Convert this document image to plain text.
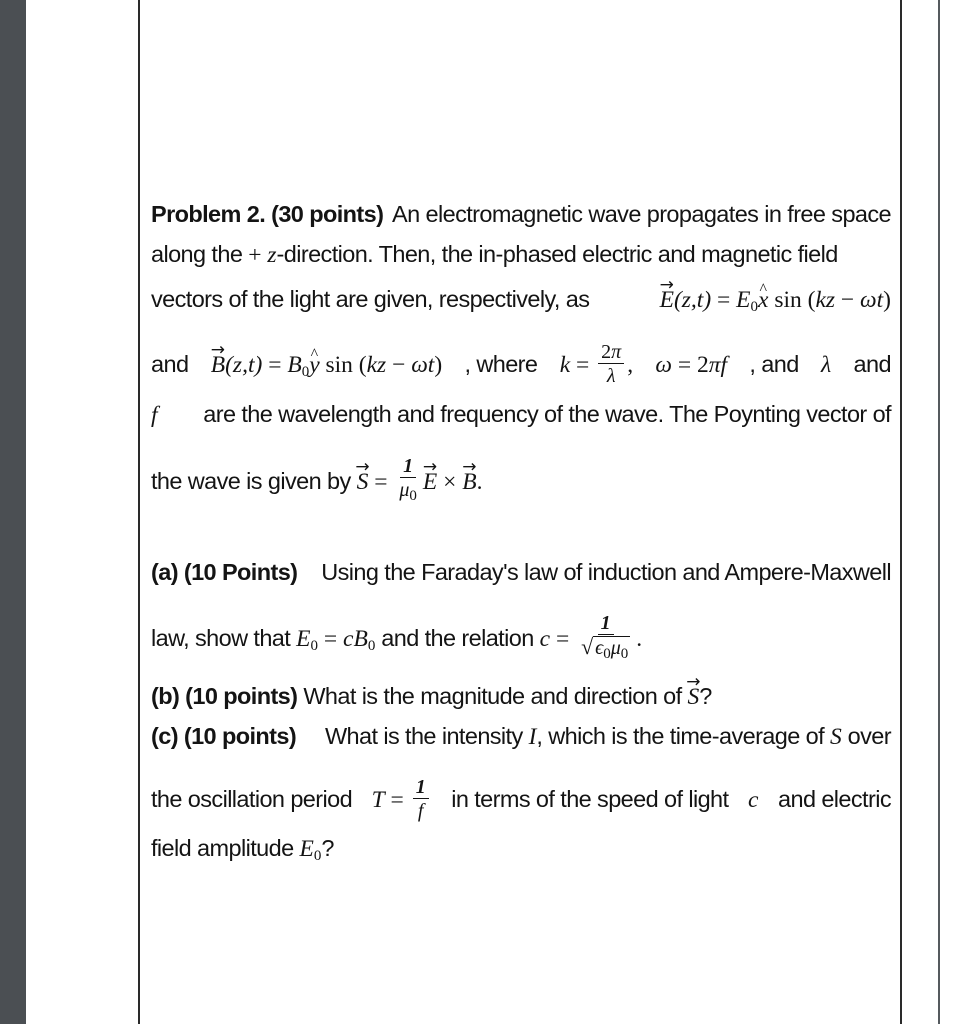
Problem 2. (30 points) An electromagnetic wave propagates in free space
along the + z-direction. Then, the in-phased electric and magnetic field
vectors of the light are given, respectively, as
→	$E(z,t) = E_0\^{}$ x sin (kz − ωt)
and
→ $B(z,t) = B_0\^{}$ y sin (kz − ωt) , where $k = \frac{2\pi}{\lambda}$ , ω = 2πf , and λ and
f are the wavelength and frequency of the wave. The Poynting vector of
the wave is given by → $S = \frac{1}{\mu_0}$
→ E × → B.
(a) (10 Points) Using the Faraday's law of induction and Ampere-Maxwell
law, show that $E_0 = cB_0$ and the relation $c = \frac{1}{√ \epsilon_0\mu_0}$ .
(b) (10 points) What is the magnitude and direction of → S?
(c) (10 points) What is the intensity I, which is the time-average of S over
the oscillation period $T = \frac{1}{f}$ in terms of the speed of light c and electric
field amplitude $E_0$?
